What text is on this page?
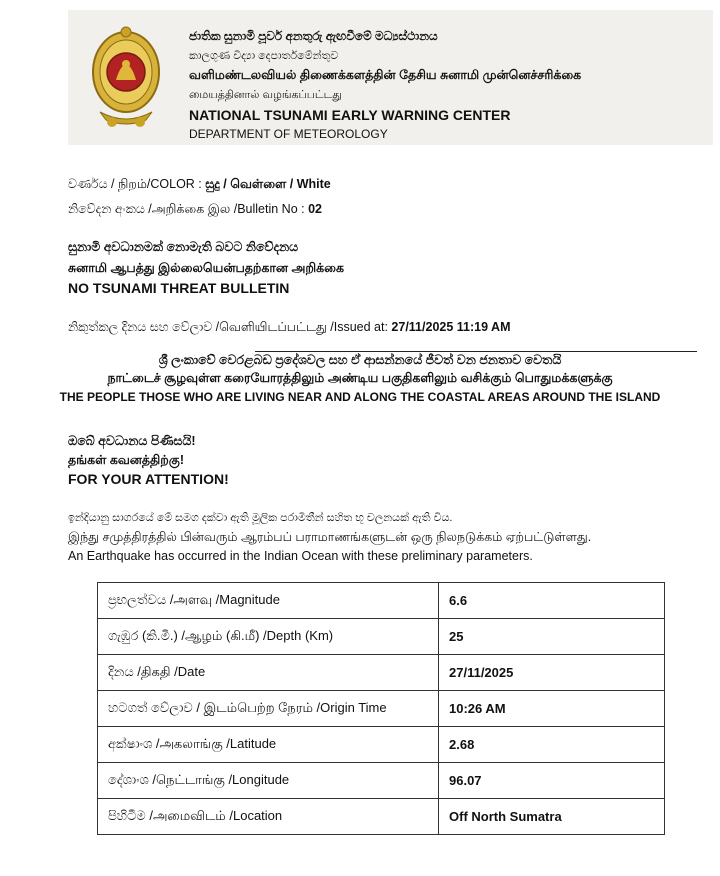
ජාතික සුනාමි පූර්ව අනතුරු ඇඟවීමේ මධ්‍යස්ථානය
කාලගුණ විද්‍යා දෙපාර්තමේන්තුව
வளிமண்டலவியல் திணைக்களத்தின் தேசிய சுனாமி முன்னெச்சரிக்கை
மையத்தினால் வழங்கப்பட்டது
NATIONAL TSUNAMI EARLY WARNING CENTER
DEPARTMENT OF METEOROLOGY
වර්ණය / நிறம்/COLOR : සුදු / வெள்ளை / White
නිවේදන අංකය /அறிக்கை இல /Bulletin No : 02
සුනාමි අවධානමක් නොමැති බවට නිවේදනය
சுனாமி ஆபத்து இல்லையென்பதற்கான அறிக்கை
NO TSUNAMI THREAT BULLETIN
නිකුත්කල දිනය සහ වේලාව /வெளியிடப்பட்டது /Issued at: 27/11/2025 11:19 AM
ශ්‍රී ලංකාවේ වෙරළබඩ ප්‍රදේශවල සහ ඒ ආසන්නයේ ජීවත් වන ජනතාව වෙතයි
நாட்டைச் சூழவுள்ள கரையோரத்திலும் அண்டிய பகுதிகளிலும் வசிக்கும் பொதுமக்களுக்கு
THE PEOPLE THOSE WHO ARE LIVING NEAR AND ALONG THE COASTAL AREAS AROUND THE ISLAND
ඔබේ අවධානය පිණිසයි!
தங்கள் கவனத்திற்கு!
FOR YOUR ATTENTION!
ඉන්දියානු සාගරයේ මේ සමග දක්වා ඇති මූලික පරාමිතීන් සහිත භූ චලනයක් ඇති විය.
இந்து சமுத்திரத்தில் பின்வரும் ஆரம்பப் பராமாணங்களுடன் ஒரு நிலநடுக்கம் ஏற்பட்டுள்ளது.
An Earthquake has occurred in the Indian Ocean with these preliminary parameters.
ප්‍රභලත්වය /அளவு /Magnitude	6.6
ගැඹුර (කි.මී.) /ஆழம் (கி.மீ) /Depth (Km)	25
දිනය /திகதி /Date	27/11/2025
හටගත් වේලාව / இடம்பெற்ற நேரம் /Origin Time	10:26 AM
අක්ෂාංශ /அகலாங்கு /Latitude	2.68
දේශාංශ /நெட்டாங்கு /Longitude	96.07
පිහිටීම /அமைவிடம் /Location	Off North Sumatra
